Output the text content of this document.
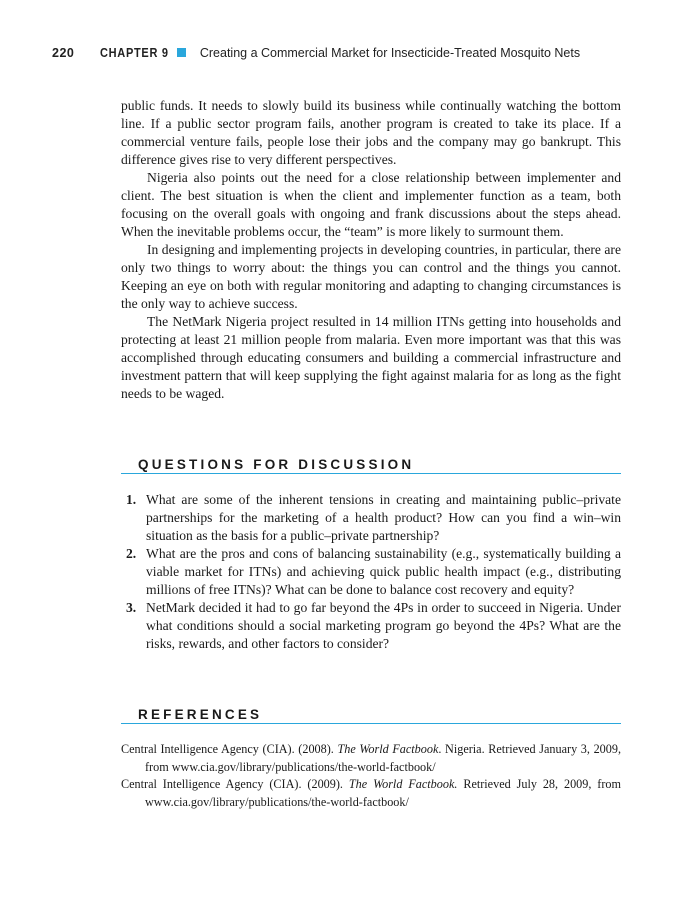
220 CHAPTER 9	Creating a Commercial Market for Insecticide-Treated Mosquito Nets

public funds. It needs to slowly build its business while continually watching the bottom line. If a public sector program fails, another program is created to take its place. If a commercial venture fails, people lose their jobs and the company may go bankrupt. This difference gives rise to very different perspectives.

Nigeria also points out the need for a close relationship between implementer and client. The best situation is when the client and implementer function as a team, both focusing on the overall goals with ongoing and frank discussions about the steps ahead. When the inevitable problems occur, the “team” is more likely to surmount them.

In designing and implementing projects in developing countries, in particular, there are only two things to worry about: the things you can control and the things you cannot. Keeping an eye on both with regular monitoring and adapting to changing circumstances is the only way to achieve success.

The NetMark Nigeria project resulted in 14 million ITNs getting into households and protecting at least 21 million people from malaria. Even more important was that this was accomplished through educating consumers and building a commercial infrastructure and investment pattern that will keep supplying the fight against malaria for as long as the fight needs to be waged.

QUESTIONS FOR DISCUSSION
1. What are some of the inherent tensions in creating and maintaining public–private partnerships for the marketing of a health product? How can you find a win–win situation as the basis for a public–private partnership?
2. What are the pros and cons of balancing sustainability (e.g., systematically building a viable market for ITNs) and achieving quick public health impact (e.g., distributing millions of free ITNs)? What can be done to balance cost recovery and equity?
3. NetMark decided it had to go far beyond the 4Ps in order to succeed in Nigeria. Under what conditions should a social marketing program go beyond the 4Ps? What are the risks, rewards, and other factors to consider?
REFERENCES
Central Intelligence Agency (CIA). (2008). The World Factbook. Nigeria. Retrieved January 3, 2009, from www.cia.gov/library/publications/the-world-factbook/
Central Intelligence Agency (CIA). (2009). The World Factbook. Retrieved July 28, 2009, from www.cia.gov/library/publications/the-world-factbook/
